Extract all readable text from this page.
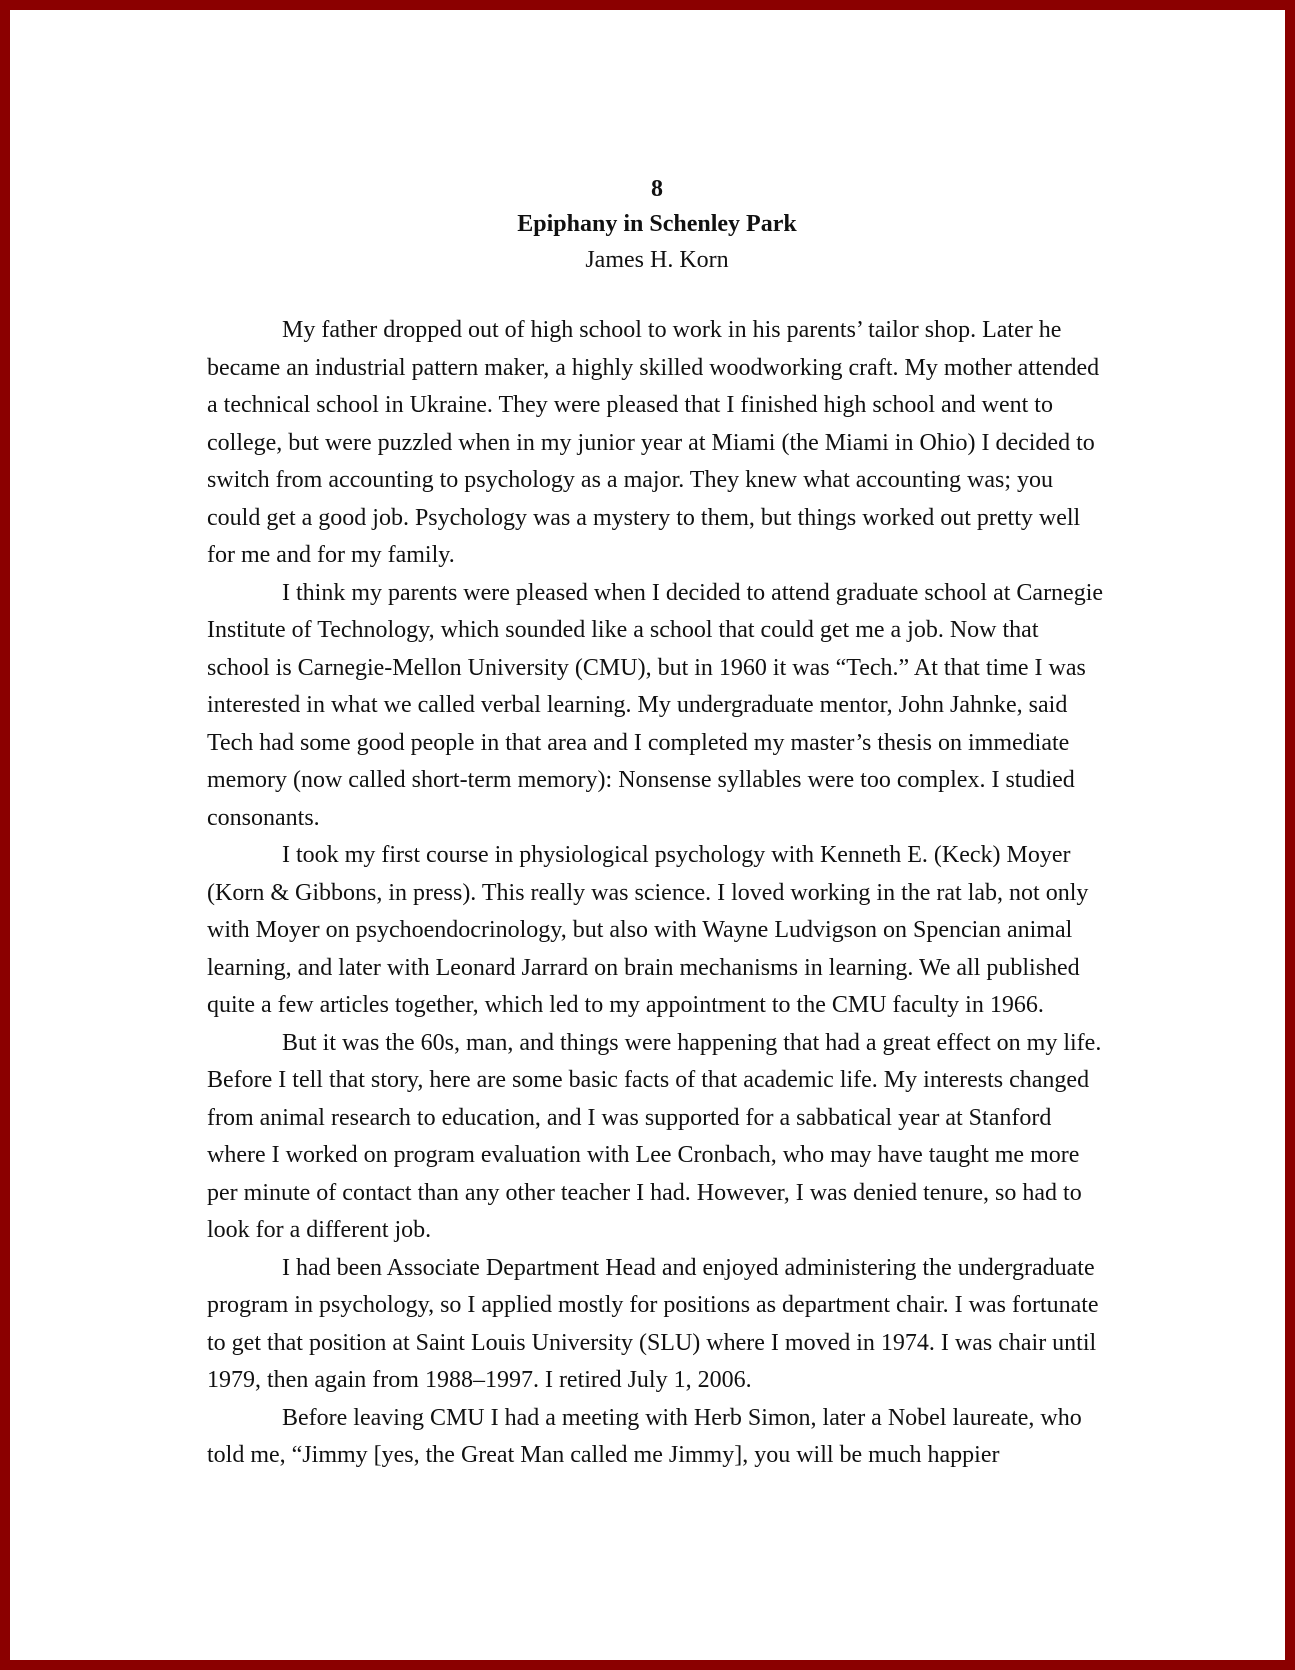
8

Epiphany in Schenley Park

James H. Korn

My father dropped out of high school to work in his parents’ tailor shop. Later he became an industrial pattern maker, a highly skilled woodworking craft. My mother attended a technical school in Ukraine. They were pleased that I finished high school and went to college, but were puzzled when in my junior year at Miami (the Miami in Ohio) I decided to switch from accounting to psychology as a major. They knew what accounting was; you could get a good job. Psychology was a mystery to them, but things worked out pretty well for me and for my family.

I think my parents were pleased when I decided to attend graduate school at Carnegie Institute of Technology, which sounded like a school that could get me a job. Now that school is Carnegie-Mellon University (CMU), but in 1960 it was “Tech.” At that time I was interested in what we called verbal learning. My undergraduate mentor, John Jahnke, said Tech had some good people in that area and I completed my master’s thesis on immediate memory (now called short-term memory): Nonsense syllables were too complex. I studied consonants.

I took my first course in physiological psychology with Kenneth E. (Keck) Moyer (Korn & Gibbons, in press). This really was science. I loved working in the rat lab, not only with Moyer on psychoendocrinology, but also with Wayne Ludvigson on Spencian animal learning, and later with Leonard Jarrard on brain mechanisms in learning. We all published quite a few articles together, which led to my appointment to the CMU faculty in 1966.

But it was the 60s, man, and things were happening that had a great effect on my life. Before I tell that story, here are some basic facts of that academic life. My interests changed from animal research to education, and I was supported for a sabbatical year at Stanford where I worked on program evaluation with Lee Cronbach, who may have taught me more per minute of contact than any other teacher I had. However, I was denied tenure, so had to look for a different job.

I had been Associate Department Head and enjoyed administering the undergraduate program in psychology, so I applied mostly for positions as department chair. I was fortunate to get that position at Saint Louis University (SLU) where I moved in 1974. I was chair until 1979, then again from 1988–1997. I retired July 1, 2006.

Before leaving CMU I had a meeting with Herb Simon, later a Nobel laureate, who told me, “Jimmy [yes, the Great Man called me Jimmy], you will be much happier
